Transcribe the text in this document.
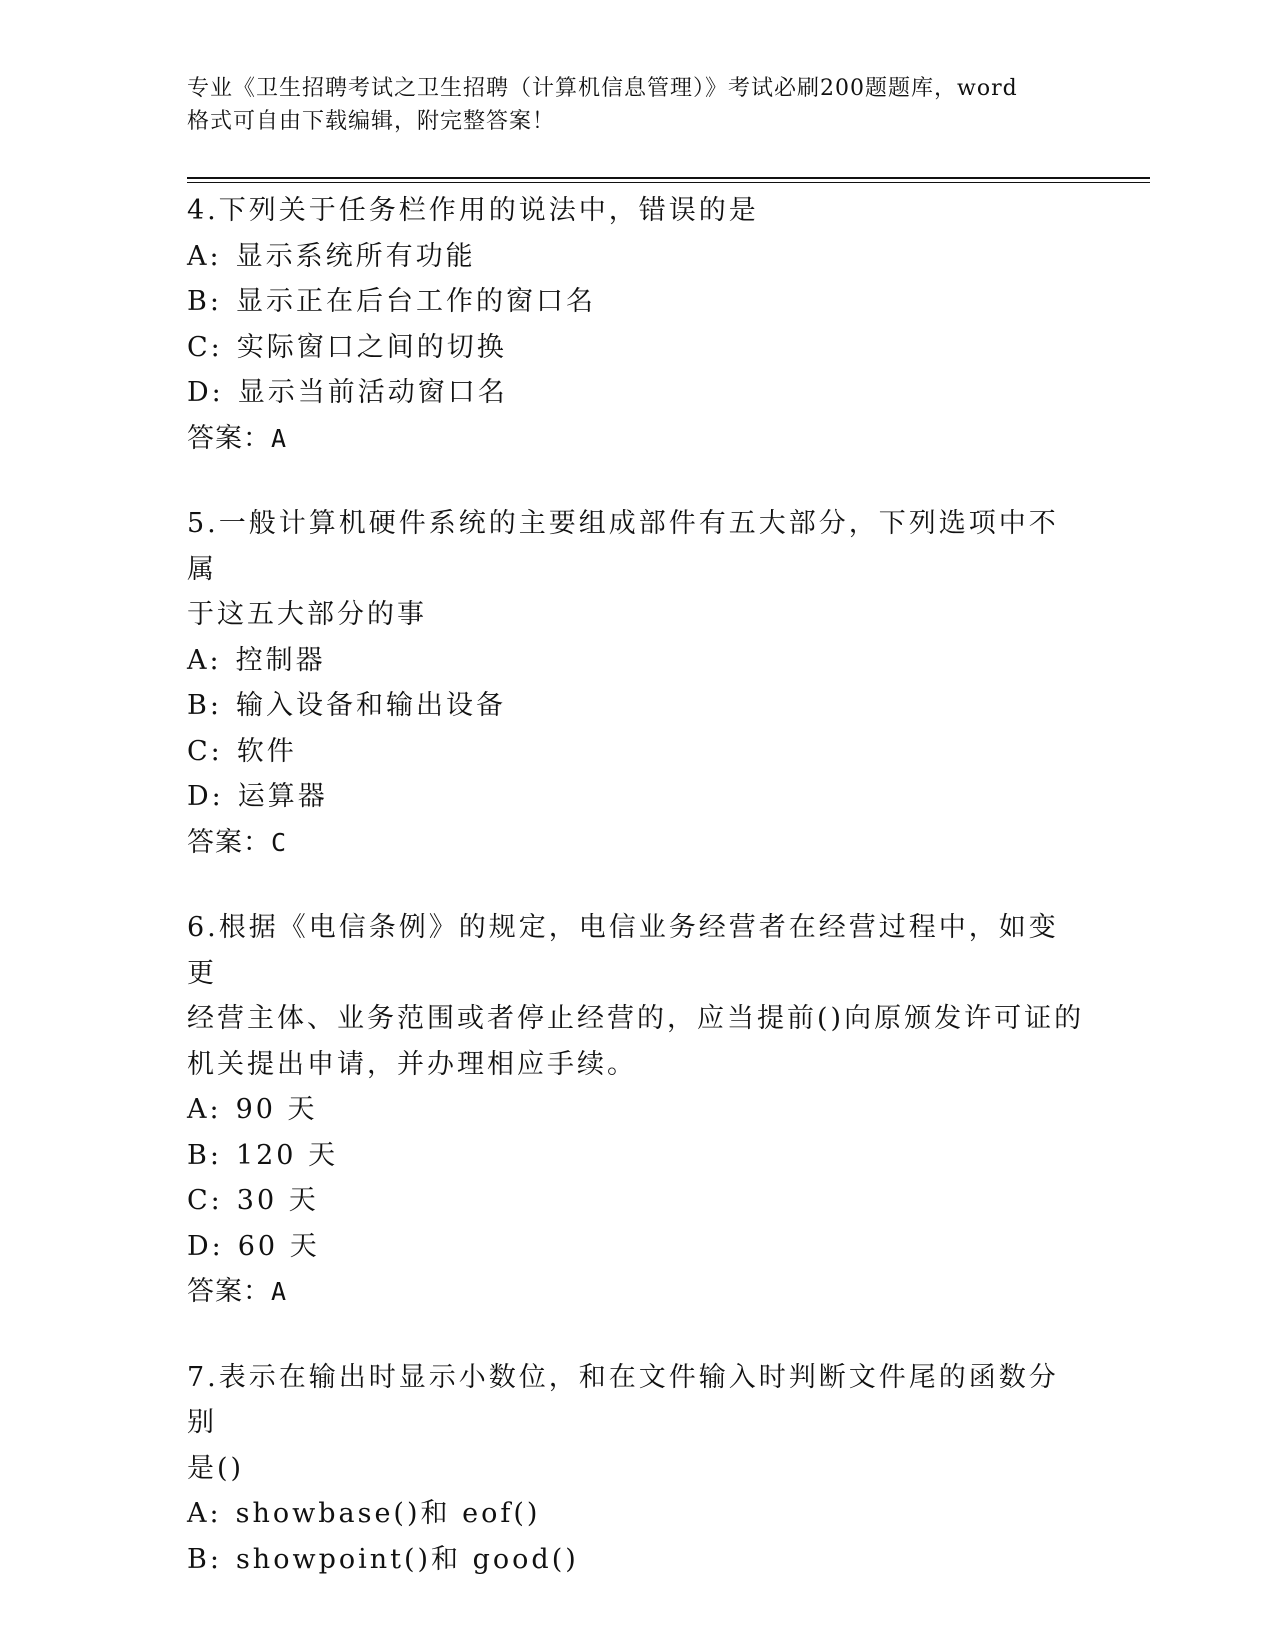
专业《卫生招聘考试之卫生招聘（计算机信息管理）》考试必刷200题题库，word
格式可自由下载编辑，附完整答案！
4.下列关于任务栏作用的说法中，错误的是
A: 显示系统所有功能
B: 显示正在后台工作的窗口名
C: 实际窗口之间的切换
D: 显示当前活动窗口名
答案：A
5.一般计算机硬件系统的主要组成部件有五大部分，下列选项中不属
于这五大部分的事
A: 控制器
B: 输入设备和输出设备
C: 软件
D: 运算器
答案：C
6.根据《电信条例》的规定，电信业务经营者在经营过程中，如变更
经营主体、业务范围或者停止经营的，应当提前()向原颁发许可证的
机关提出申请，并办理相应手续。
A: 90 天
B: 120 天
C: 30 天
D: 60 天
答案：A
7.表示在输出时显示小数位，和在文件输入时判断文件尾的函数分别
是()
A: showbase()和 eof()
B: showpoint()和 good()
